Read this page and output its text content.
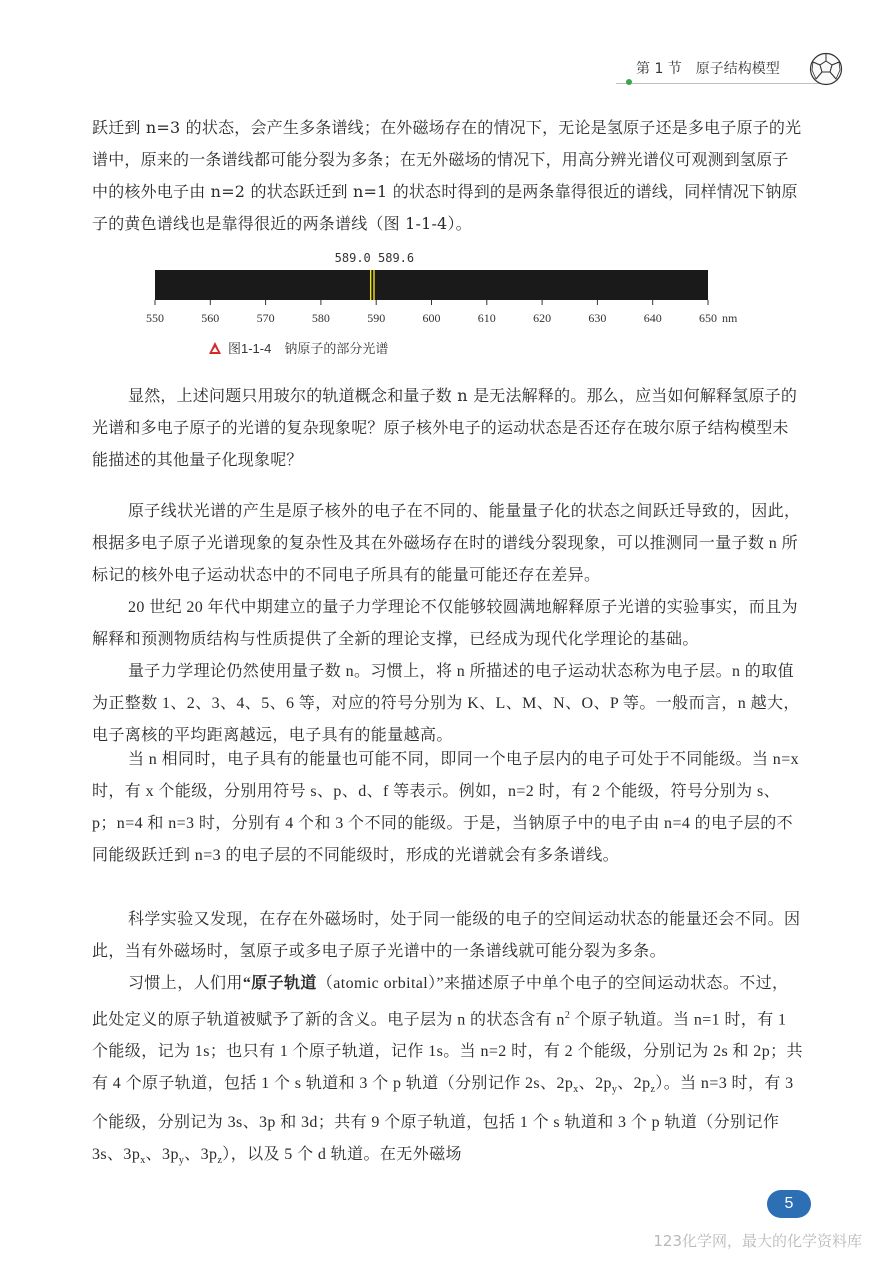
第 1 节　原子结构模型

跃迁到 n=3 的状态，会产生多条谱线；在外磁场存在的情况下，无论是氢原子还是多电子原子的光谱中，原来的一条谱线都可能分裂为多条；在无外磁场的情况下，用高分辨光谱仪可观测到氢原子中的核外电子由 n=2 的状态跃迁到 n=1 的状态时得到的是两条靠得很近的谱线，同样情况下钠原子的黄色谱线也是靠得很近的两条谱线（图 1-1-4）。

589.0 589.6
550	560	570	580	590	600	610	620	630	640	650 nm
图1-1-4　钠原子的部分光谱

显然，上述问题只用玻尔的轨道概念和量子数 n 是无法解释的。那么，应当如何解释氢原子的光谱和多电子原子的光谱的复杂现象呢？原子核外电子的运动状态是否还存在玻尔原子结构模型未能描述的其他量子化现象呢？

原子线状光谱的产生是原子核外的电子在不同的、能量量子化的状态之间跃迁导致的，因此，根据多电子原子光谱现象的复杂性及其在外磁场存在时的谱线分裂现象，可以推测同一量子数 n 所标记的核外电子运动状态中的不同电子所具有的能量可能还存在差异。

20 世纪 20 年代中期建立的量子力学理论不仅能够较圆满地解释原子光谱的实验事实，而且为解释和预测物质结构与性质提供了全新的理论支撑，已经成为现代化学理论的基础。

量子力学理论仍然使用量子数 n。习惯上，将 n 所描述的电子运动状态称为电子层。n 的取值为正整数 1、2、3、4、5、6 等，对应的符号分别为 K、L、M、N、O、P 等。一般而言，n 越大，电子离核的平均距离越远，电子具有的能量越高。

当 n 相同时，电子具有的能量也可能不同，即同一个电子层内的电子可处于不同能级。当 n=x 时，有 x 个能级，分别用符号 s、p、d、f 等表示。例如，n=2 时，有 2 个能级，符号分别为 s、p；n=4 和 n=3 时，分别有 4 个和 3 个不同的能级。于是，当钠原子中的电子由 n=4 的电子层的不同能级跃迁到 n=3 的电子层的不同能级时，形成的光谱就会有多条谱线。

科学实验又发现，在存在外磁场时，处于同一能级的电子的空间运动状态的能量还会不同。因此，当有外磁场时，氢原子或多电子原子光谱中的一条谱线就可能分裂为多条。

习惯上，人们用“原子轨道（atomic orbital）”来描述原子中单个电子的空间运动状态。不过，此处定义的原子轨道被赋予了新的含义。电子层为 n 的状态含有 $n^2$ 个原子轨道。当 n=1 时，有 1 个能级，记为 1s；也只有 1 个原子轨道，记作 1s。当 n=2 时，有 2 个能级，分别记为 2s 和 2p；共有 4 个原子轨道，包括 1 个 s 轨道和 3 个 p 轨道（分别记作 2s、$2p_x$、$2p_y$、$2p_z$）。当 n=3 时，有 3 个能级，分别记为 3s、3p 和 3d；共有 9 个原子轨道，包括 1 个 s 轨道和 3 个 p 轨道（分别记作 3s、$3p_x$、$3p_y$、$3p_z$），以及 5 个 d 轨道。在无外磁场

5
123化学网，最大的化学资料库
